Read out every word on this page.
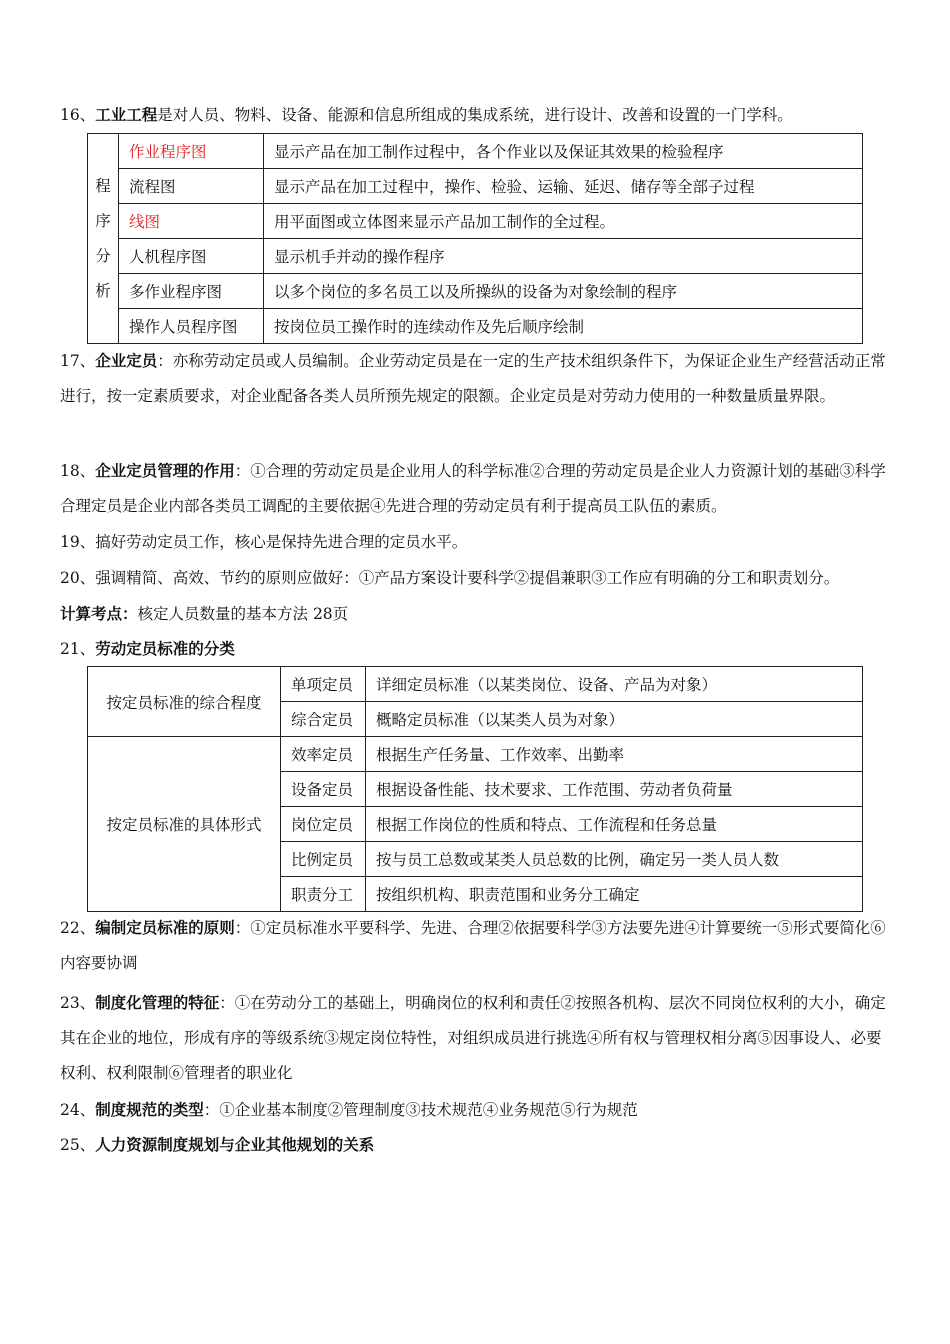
16、工业工程是对人员、物料、设备、能源和信息所组成的集成系统，进行设计、改善和设置的一门学科。
程
序
分
析	作业程序图	显示产品在加工制作过程中，各个作业以及保证其效果的检验程序
	流程图	显示产品在加工过程中，操作、检验、运输、延迟、储存等全部子过程
	线图	用平面图或立体图来显示产品加工制作的全过程。
	人机程序图	显示机手并动的操作程序
	多作业程序图	以多个岗位的多名员工以及所操纵的设备为对象绘制的程序
	操作人员程序图	按岗位员工操作时的连续动作及先后顺序绘制
17、企业定员：亦称劳动定员或人员编制。企业劳动定员是在一定的生产技术组织条件下，为保证企业生产经营活动正常进行，按一定素质要求，对企业配备各类人员所预先规定的限额。企业定员是对劳动力使用的一种数量质量界限。
18、企业定员管理的作用：①合理的劳动定员是企业用人的科学标准②合理的劳动定员是企业人力资源计划的基础③科学合理定员是企业内部各类员工调配的主要依据④先进合理的劳动定员有利于提高员工队伍的素质。
19、搞好劳动定员工作，核心是保持先进合理的定员水平。
20、强调精简、高效、节约的原则应做好：①产品方案设计要科学②提倡兼职③工作应有明确的分工和职责划分。
计算考点：核定人员数量的基本方法 28页
21、劳动定员标准的分类
按定员标准的综合程度	单项定员	详细定员标准（以某类岗位、设备、产品为对象）
	综合定员	概略定员标准（以某类人员为对象）
按定员标准的具体形式	效率定员	根据生产任务量、工作效率、出勤率
	设备定员	根据设备性能、技术要求、工作范围、劳动者负荷量
	岗位定员	根据工作岗位的性质和特点、工作流程和任务总量
	比例定员	按与员工总数或某类人员总数的比例，确定另一类人员人数
	职责分工	按组织机构、职责范围和业务分工确定
22、编制定员标准的原则：①定员标准水平要科学、先进、合理②依据要科学③方法要先进④计算要统一⑤形式要简化⑥内容要协调
23、制度化管理的特征：①在劳动分工的基础上，明确岗位的权利和责任②按照各机构、层次不同岗位权利的大小，确定其在企业的地位，形成有序的等级系统③规定岗位特性，对组织成员进行挑选④所有权与管理权相分离⑤因事设人、必要权利、权利限制⑥管理者的职业化
24、制度规范的类型：①企业基本制度②管理制度③技术规范④业务规范⑤行为规范
25、人力资源制度规划与企业其他规划的关系
